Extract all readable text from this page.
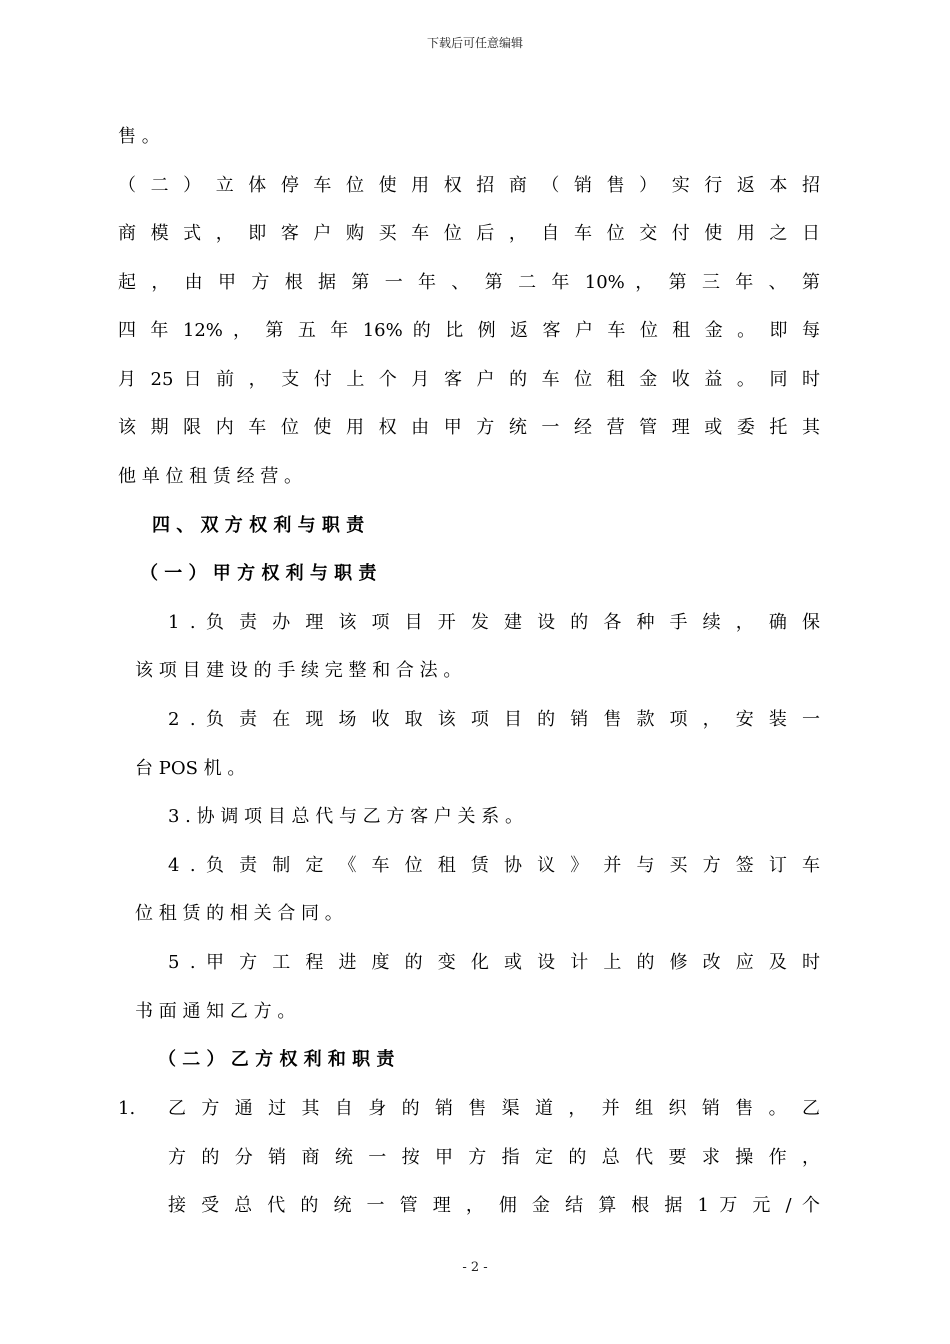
下载后可任意编辑
售 。
（ 二 ） 立 体 停 车 位 使 用 权 招 商 （ 销 售 ） 实 行 返 本 招
商 模 式 ， 即 客 户 购 买 车 位 后 ， 自 车 位 交 付 使 用 之 日
起 ， 由 甲 方 根 据 第 一 年 、 第 二 年 10% ， 第 三 年 、 第
四 年 12% ， 第 五 年 16% 的 比 例 返 客 户 车 位 租 金 。 即 每
月 25 日 前 ， 支 付 上 个 月 客 户 的 车 位 租 金 收 益 。 同 时
该 期 限 内 车 位 使 用 权 由 甲 方 统 一 经 营 管 理 或 委 托 其
他 单 位 租 赁 经 营 。
四 、 双 方 权 利 与 职 责
（ 一 ） 甲 方 权 利 与 职 责
1 . 负 责 办 理 该 项 目 开 发 建 设 的 各 种 手 续 ， 确 保
该 项 目 建 设 的 手 续 完 整 和 合 法 。
2 . 负 责 在 现 场 收 取 该 项 目 的 销 售 款 项 ， 安 装 一
台 POS 机 。
3 . 协 调 项 目 总 代 与 乙 方 客 户 关 系 。
4 . 负 责 制 定 《 车 位 租 赁 协 议 》 并 与 买 方 签 订 车
位 租 赁 的 相 关 合 同 。
5 . 甲 方 工 程 进 度 的 变 化 或 设 计 上 的 修 改 应 及 时
书 面 通 知 乙 方 。
（ 二 ） 乙 方 权 利 和 职 责
1. 乙 方 通 过 其 自 身 的 销 售 渠 道 ， 并 组 织 销 售 。 乙
方 的 分 销 商 统 一 按 甲 方 指 定 的 总 代 要 求 操 作 ，
接 受 总 代 的 统 一 管 理 ， 佣 金 结 算 根 据 1 万 元 / 个
- 2 -
